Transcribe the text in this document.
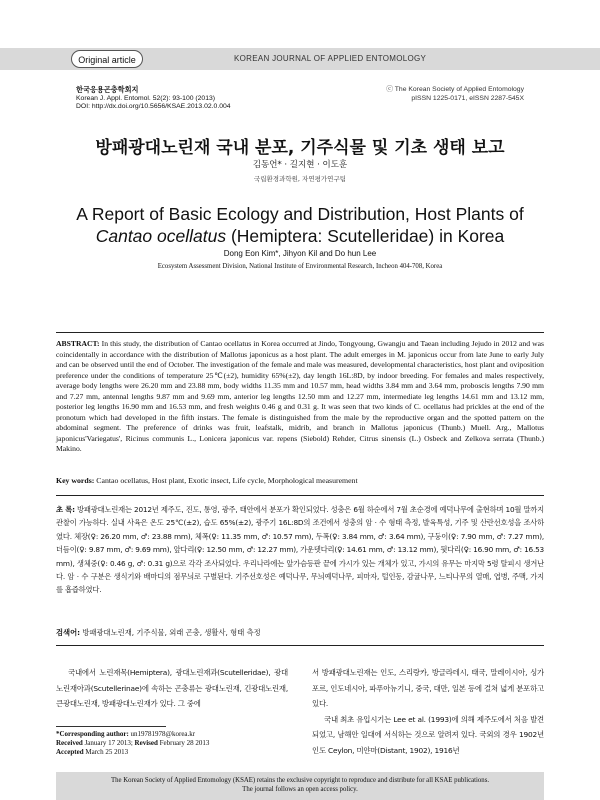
Original article	KOREAN JOURNAL OF APPLIED ENTOMOLOGY
한국응용곤충학회지
Korean J. Appl. Entomol. 52(2): 93-100 (2013)
DOI: http://dx.doi.org/10.5656/KSAE.2013.02.0.004
ⓒ The Korean Society of Applied Entomology
pISSN 1225-0171, eISSN 2287-545X
방패광대노린재 국내 분포, 기주식물 및 기초 생태 보고
김동언* · 길지현 · 이도훈
국립환경과학원, 자연평가연구팀
A Report of Basic Ecology and Distribution, Host Plants of
Cantao ocellatus (Hemiptera: Scutelleridae) in Korea
Dong Eon Kim*, Jihyon Kil and Do hun Lee
Ecosystem Assessment Division, National Institute of Environmental Research, Incheon 404-708, Korea
ABSTRACT: In this study, the distribution of Cantao ocellatus in Korea occurred at Jindo, Tongyoung, Gwangju and Taean including Jejudo in 2012 and was coincidentally in accordance with the distribution of Mallotus japonicus as a host plant. The adult emerges in M. japonicus occur from late June to early July and can be observed until the end of October. The investigation of the female and male was measured, developmental characteristics, host plant and oviposition preference under the conditions of temperature 25℃(±2), humidity 65%(±2), day length 16L:8D, by indoor breeding. For females and males respectively, average body lengths were 26.20 mm and 23.88 mm, body widths 11.35 mm and 10.57 mm, head widths 3.84 mm and 3.64 mm, proboscis lengths 7.90 mm and 7.27 mm, antennal lengths 9.87 mm and 9.69 mm, anterior leg lengths 12.50 mm and 12.27 mm, intermediate leg lengths 14.61 mm and 13.12 mm, posterior leg lengths 16.90 mm and 16.53 mm, and fresh weights 0.46 g and 0.31 g. It was seen that two kinds of C. ocellatus had prickles at the end of the pronotum which had developed in the fifth instars. The female is distinguished from the male by the reproductive organ and the spotted pattern on the abdominal segment. The preference of drinks was fruit, leafstalk, midrib, and branch in Mallotus japonicus (Thunb.) Muell. Arg., Mallotus japonicus'Variegatus', Ricinus communis L., Lonicera japonicus var. repens (Siebold) Rehder, Citrus sinensis (L.) Osbeck and Zelkova serrata (Thunb.) Makino.
Key words: Cantao ocellatus, Host plant, Exotic insect, Life cycle, Morphological measurement
초 록: 방패광대노린재는 2012년 제주도, 진도, 통영, 광주, 태안에서 분포가 확인되었다. 성충은 6월 하순에서 7월 초순경에 예덕나무에 출현하며 10월 말까지 관찰이 가능하다. 실내 사육은 온도 25℃(±2), 습도 65%(±2), 광주기 16L:8D의 조건에서 성충의 암 · 수 형태 측정, 발육특성, 기주 및 산란선호성을 조사하였다. 체장(♀: 26.20 mm, ♂: 23.88 mm), 체폭(♀: 11.35 mm, ♂: 10.57 mm), 두폭(♀: 3.84 mm, ♂: 3.64 mm), 구둥이(♀: 7.90 mm, ♂: 7.27 mm), 더듬이(♀: 9.87 mm, ♂: 9.69 mm), 앞다리(♀: 12.50 mm, ♂: 12.27 mm), 가운뎃다리(♀: 14.61 mm, ♂: 13.12 mm), 뒷다리(♀: 16.90 mm, ♂: 16.53 mm), 생체중(♀: 0.46 g, ♂: 0.31 g)으로 각각 조사되었다. 우리나라에는 앞가슴등판 끝에 가시가 있는 개체가 있고, 가시의 유무는 마지막 5령 탈피시 생겨난다. 암 · 수 구분은 생식기와 배마디의 점무늬로 구별된다. 기주선호성은 예덕나무, 무늬예덕나무, 피마자, 털인동, 감귤나무, 느티나무의 열매, 엽병, 주맥, 가지를 흡즙하였다.
검색어: 방패광대노린재, 기주식물, 외래 곤충, 생활사, 형태 측정
국내에서 노린재목(Hemiptera), 광대노린재과(Scutelleridae), 광대노린재아과(Scutellerinae)에 속하는 곤충류는 광대노린재, 긴광대노린재, 큰광대노린재, 방패광대노린재가 있다. 그 중에
서 방패광대노린재는 인도, 스리랑카, 방글라데시, 태국, 말레이시아, 싱가포르, 인도네시아, 파푸아뉴기니, 중국, 대만, 일본 등에 걸쳐 넓게 분포하고 있다.
국내 최초 유입시기는 Lee et al. (1993)에 의해 제주도에서 처음 발견되었고, 남해안 일대에 서식하는 것으로 알려져 있다. 국외의 경우 1902년 인도 Ceylon, 미얀마(Distant, 1902), 1916년
*Corresponding author: un19781978@korea.kr
Received January 17 2013; Revised February 28 2013
Accepted March 25 2013
The Korean Society of Applied Entomology (KSAE) retains the exclusive copyright to reproduce and distribute for all KSAE publications.
The journal follows an open access policy.
